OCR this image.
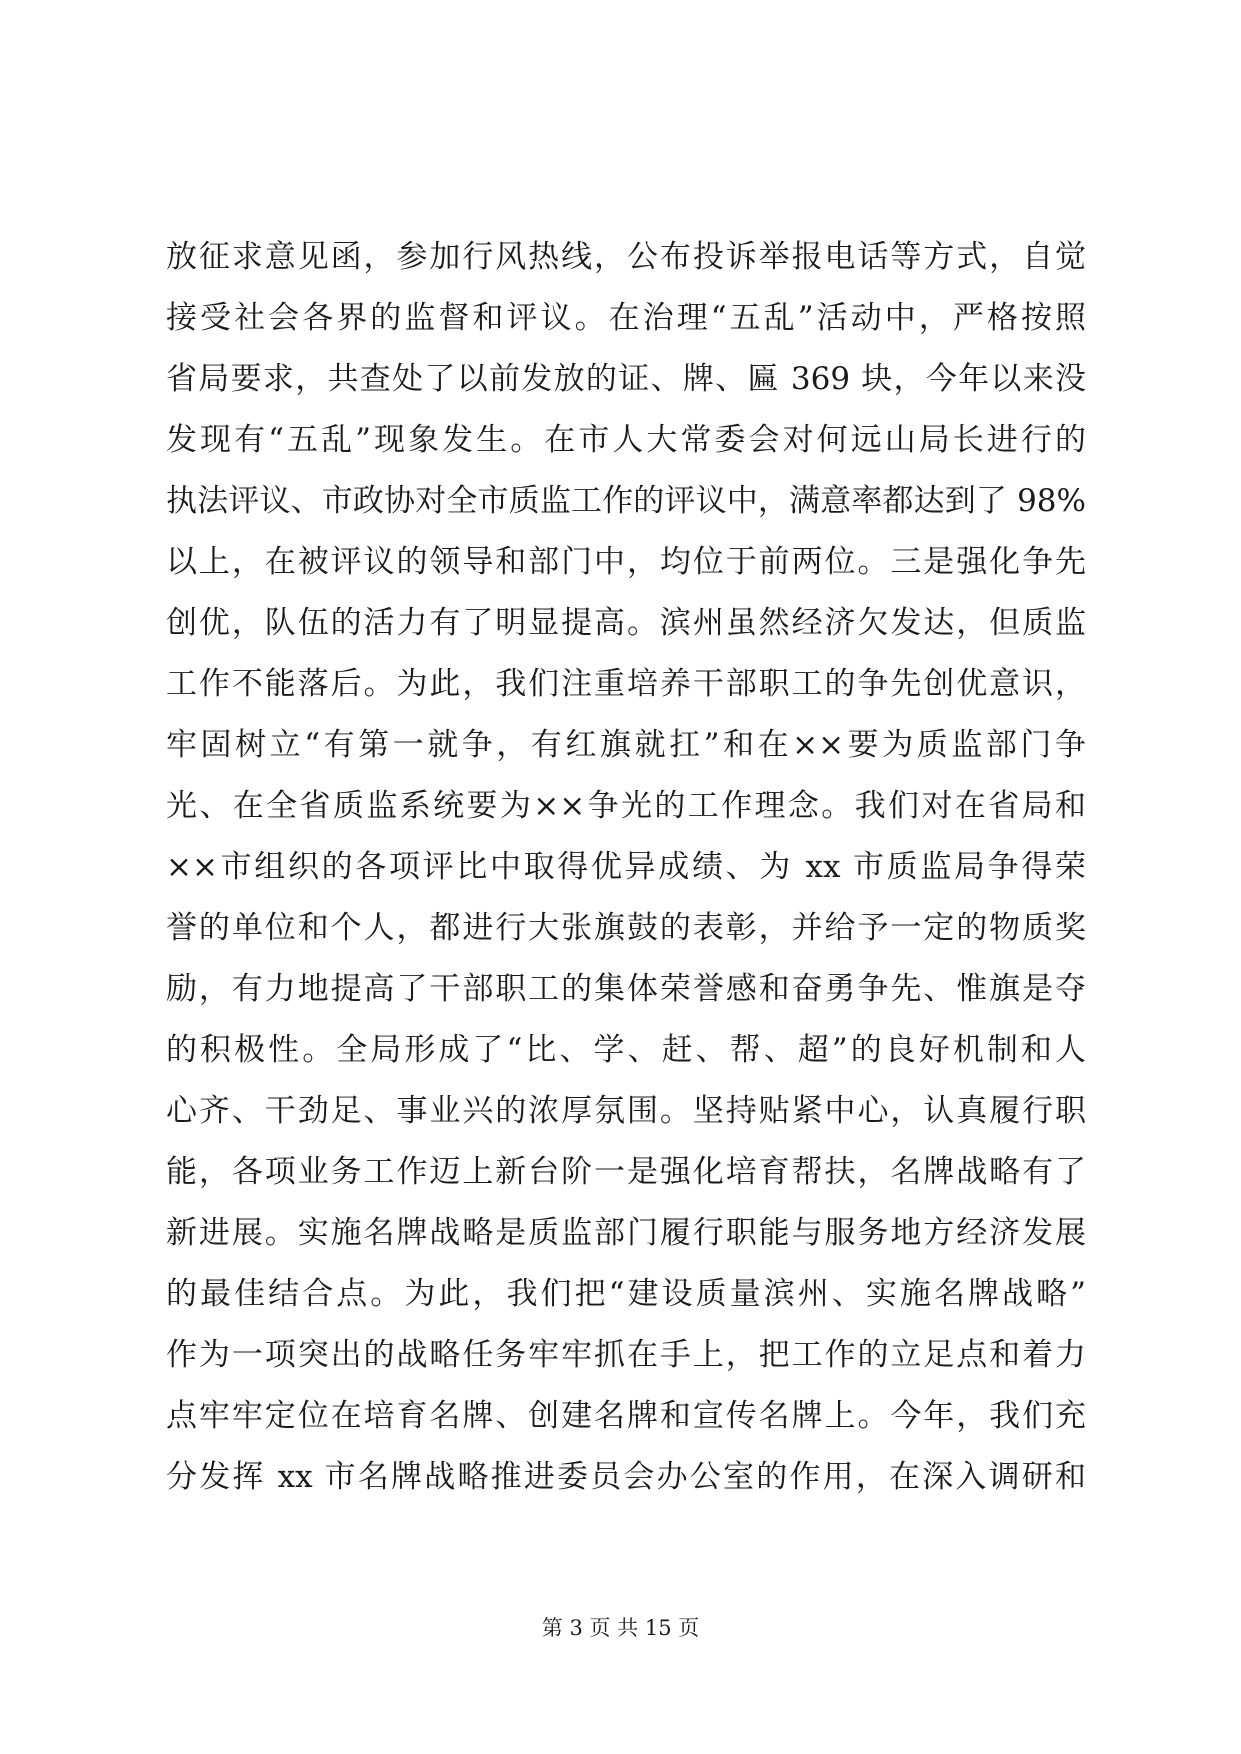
放征求意见函，参加行风热线，公布投诉举报电话等方式，自觉
接受社会各界的监督和评议。在治理“五乱”活动中，严格按照
省局要求，共查处了以前发放的证、牌、匾 369 块，今年以来没
发现有“五乱”现象发生。在市人大常委会对何远山局长进行的
执法评议、市政协对全市质监工作的评议中，满意率都达到了 98%
以上，在被评议的领导和部门中，均位于前两位。三是强化争先
创优，队伍的活力有了明显提高。滨州虽然经济欠发达，但质监
工作不能落后。为此，我们注重培养干部职工的争先创优意识，
牢固树立“有第一就争，有红旗就扛”和在××要为质监部门争
光、在全省质监系统要为××争光的工作理念。我们对在省局和
××市组织的各项评比中取得优异成绩、为 xx 市质监局争得荣
誉的单位和个人，都进行大张旗鼓的表彰，并给予一定的物质奖
励，有力地提高了干部职工的集体荣誉感和奋勇争先、惟旗是夺
的积极性。全局形成了“比、学、赶、帮、超”的良好机制和人
心齐、干劲足、事业兴的浓厚氛围。坚持贴紧中心，认真履行职
能，各项业务工作迈上新台阶一是强化培育帮扶，名牌战略有了
新进展。实施名牌战略是质监部门履行职能与服务地方经济发展
的最佳结合点。为此，我们把“建设质量滨州、实施名牌战略”
作为一项突出的战略任务牢牢抓在手上，把工作的立足点和着力
点牢牢定位在培育名牌、创建名牌和宣传名牌上。今年，我们充
分发挥 xx 市名牌战略推进委员会办公室的作用，在深入调研和
第 3 页 共 15 页
